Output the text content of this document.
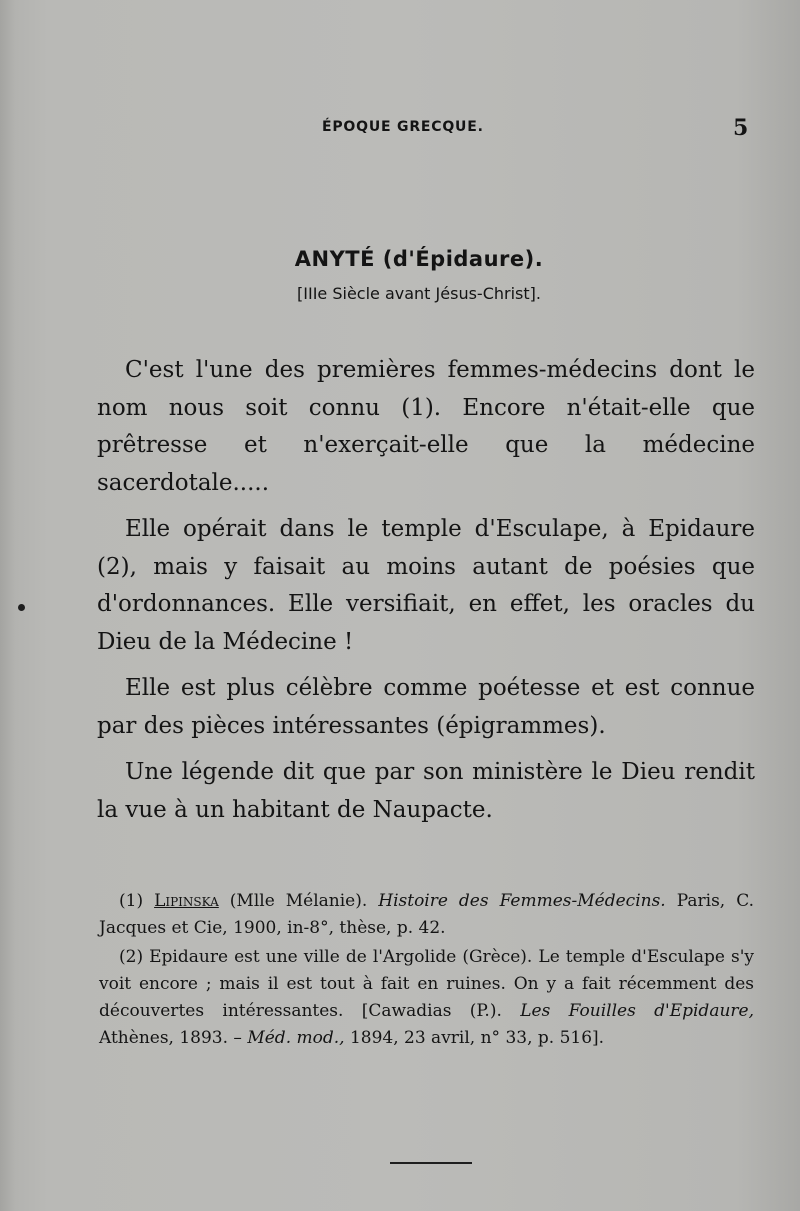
ÉPOQUE GRECQUE.	5
ANYTÉ (d'Épidaure).
[IIIe Siècle avant Jésus-Christ].

C'est l'une des premières femmes-médecins dont le nom nous soit connu (1). Encore n'était-elle que prêtresse et n'exerçait-elle que la médecine sacerdotale.....

Elle opérait dans le temple d'Esculape, à Epidaure (2), mais y faisait au moins autant de poésies que d'ordonnances. Elle versifiait, en effet, les oracles du Dieu de la Médecine !

Elle est plus célèbre comme poétesse et est connue par des pièces intéressantes (épigrammes).

Une légende dit que par son ministère le Dieu rendit la vue à un habitant de Naupacte.

(1) Lipinska (Mlle Mélanie). Histoire des Femmes-Médecins. Paris, C. Jacques et Cie, 1900, in-8°, thèse, p. 42.

(2) Epidaure est une ville de l'Argolide (Grèce). Le temple d'Esculape s'y voit encore ; mais il est tout à fait en ruines. On y a fait récemment des découvertes intéressantes. [Cawadias (P.). Les Fouilles d'Epidaure, Athènes, 1893. – Méd. mod., 1894, 23 avril, n° 33, p. 516].
